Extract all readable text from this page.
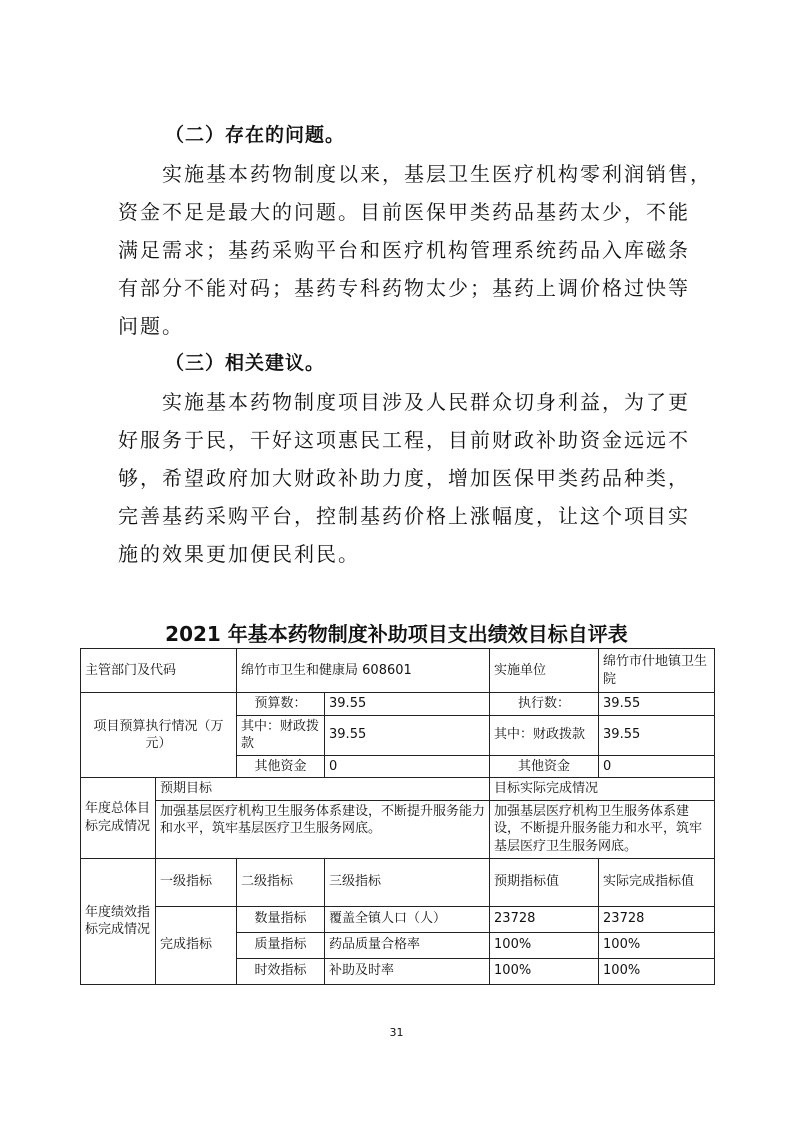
（二）存在的问题。
　　实施基本药物制度以来，基层卫生医疗机构零利润销售，
资金不足是最大的问题。目前医保甲类药品基药太少，不能
满足需求；基药采购平台和医疗机构管理系统药品入库磁条
有部分不能对码；基药专科药物太少；基药上调价格过快等
问题。
（三）相关建议。
　　实施基本药物制度项目涉及人民群众切身利益，为了更
好服务于民，干好这项惠民工程，目前财政补助资金远远不
够，希望政府加大财政补助力度，增加医保甲类药品种类，
完善基药采购平台，控制基药价格上涨幅度，让这个项目实
施的效果更加便民利民。
2021 年基本药物制度补助项目支出绩效目标自评表
主管部门及代码		绵竹市卫生和健康局 608601		实施单位	绵竹市什地镇卫生院
项目预算执行情况（万元）		预算数：	39.55	执行数：	39.55
		其中：财政拨款	39.55	其中：财政拨款	39.55
		其他资金	0	其他资金	0
年度总体目标完成情况	预期目标			目标实际完成情况	
	加强基层医疗机构卫生服务体系建设，不断提升服务能力和水平，筑牢基层医疗卫生服务网底。			加强基层医疗机构卫生服务体系建设，不断提升服务能力和水平，筑牢基层医疗卫生服务网底。	
年度绩效指标完成情况	一级指标	二级指标	三级指标	预期指标值	实际完成指标值
	完成指标	数量指标	覆盖全镇人口（人）	23728	23728
		质量指标	药品质量合格率	100%	100%
		时效指标	补助及时率	100%	100%
31
